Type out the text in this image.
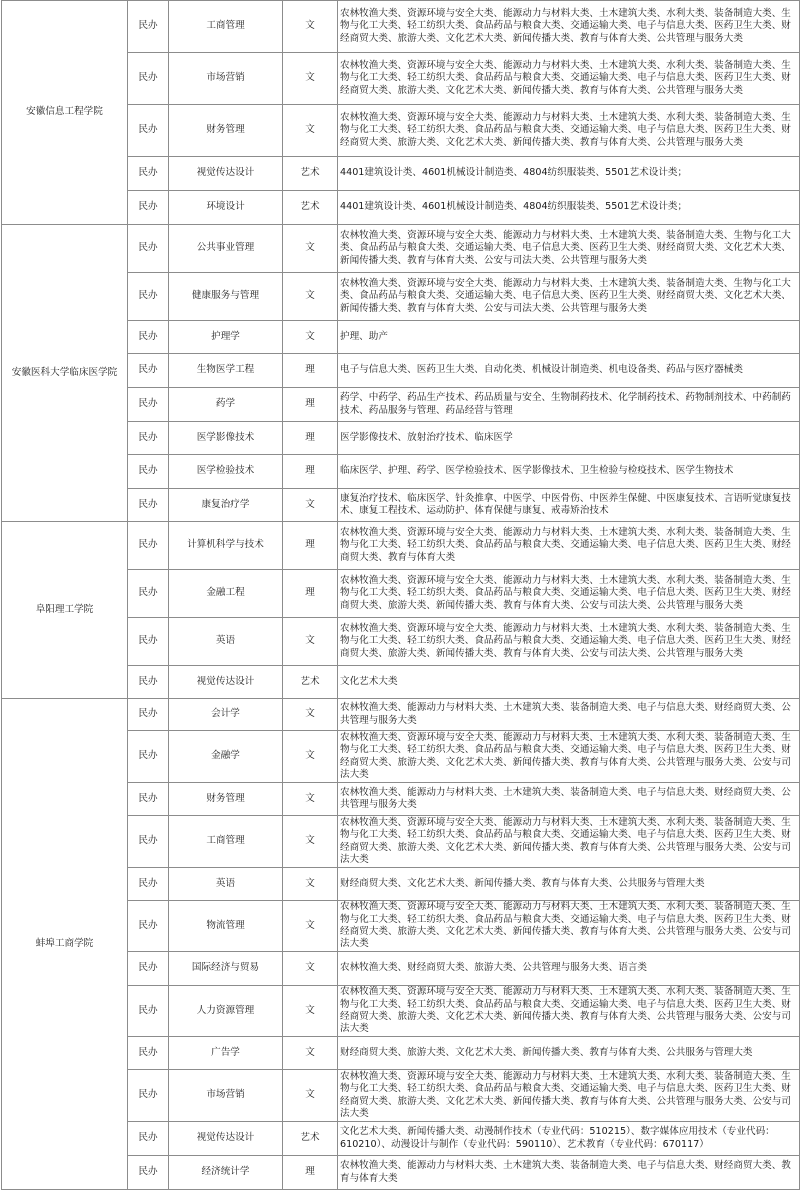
安徽信息工程学院	民办	工商管理	文	农林牧渔大类、资源环境与安全大类、能源动力与材料大类、土木建筑大类、水利大类、装备制造大类、生物与化工大类、轻工纺织大类、食品药品与粮食大类、交通运输大类、电子与信息大类、医药卫生大类、财经商贸大类、旅游大类、文化艺术大类、新闻传播大类、教育与体育大类、公共管理与服务大类
	民办	市场营销	文	农林牧渔大类、资源环境与安全大类、能源动力与材料大类、土木建筑大类、水利大类、装备制造大类、生物与化工大类、轻工纺织大类、食品药品与粮食大类、交通运输大类、电子与信息大类、医药卫生大类、财经商贸大类、旅游大类、文化艺术大类、新闻传播大类、教育与体育大类、公共管理与服务大类
	民办	财务管理	文	农林牧渔大类、资源环境与安全大类、能源动力与材料大类、土木建筑大类、水利大类、装备制造大类、生物与化工大类、轻工纺织大类、食品药品与粮食大类、交通运输大类、电子与信息大类、医药卫生大类、财经商贸大类、旅游大类、文化艺术大类、新闻传播大类、教育与体育大类、公共管理与服务大类
	民办	视觉传达设计	艺术	4401建筑设计类、4601机械设计制造类、4804纺织服装类、5501艺术设计类；
	民办	环境设计	艺术	4401建筑设计类、4601机械设计制造类、4804纺织服装类、5501艺术设计类；
安徽医科大学临床医学院	民办	公共事业管理	文	农林牧渔大类、资源环境与安全大类、能源动力与材料大类、土木建筑大类、装备制造大类、生物与化工大类、食品药品与粮食大类、交通运输大类、电子信息大类、医药卫生大类、财经商贸大类、文化艺术大类、新闻传播大类、教育与体育大类、公安与司法大类、公共管理与服务大类
	民办	健康服务与管理	文	农林牧渔大类、资源环境与安全大类、能源动力与材料大类、土木建筑大类、装备制造大类、生物与化工大类、食品药品与粮食大类、交通运输大类、电子信息大类、医药卫生大类、财经商贸大类、文化艺术大类、新闻传播大类、教育与体育大类、公安与司法大类、公共管理与服务大类
	民办	护理学	文	护理、助产
	民办	生物医学工程	理	电子与信息大类、医药卫生大类、自动化类、机械设计制造类、机电设备类、药品与医疗器械类
	民办	药学	理	药学、中药学、药品生产技术、药品质量与安全、生物制药技术、化学制药技术、药物制剂技术、中药制药技术、药品服务与管理、药品经营与管理
	民办	医学影像技术	理	医学影像技术、放射治疗技术、临床医学
	民办	医学检验技术	理	临床医学、护理、药学、医学检验技术、医学影像技术、卫生检验与检疫技术、医学生物技术
	民办	康复治疗学	文	康复治疗技术、临床医学、针灸推拿、中医学、中医骨伤、中医养生保健、中医康复技术、言语听觉康复技术、康复工程技术、运动防护、体育保健与康复、戒毒矫治技术
阜阳理工学院	民办	计算机科学与技术	理	农林牧渔大类、资源环境与安全大类、能源动力与材料大类、土木建筑大类、水利大类、装备制造大类、生物与化工大类、轻工纺织大类、食品药品与粮食大类、交通运输大类、电子信息大类、医药卫生大类、财经商贸大类、教育与体育大类
	民办	金融工程	理	农林牧渔大类、资源环境与安全大类、能源动力与材料大类、土木建筑大类、水利大类、装备制造大类、生物与化工大类、轻工纺织大类、食品药品与粮食大类、交通运输大类、电子信息大类、医药卫生大类、财经商贸大类、旅游大类、新闻传播大类、教育与体育大类、公安与司法大类、公共管理与服务大类
	民办	英语	文	农林牧渔大类、资源环境与安全大类、能源动力与材料大类、土木建筑大类、水利大类、装备制造大类、生物与化工大类、轻工纺织大类、食品药品与粮食大类、交通运输大类、电子信息大类、医药卫生大类、财经商贸大类、旅游大类、新闻传播大类、教育与体育大类、公安与司法大类、公共管理与服务大类
	民办	视觉传达设计	艺术	文化艺术大类
蚌埠工商学院	民办	会计学	文	农林牧渔大类、能源动力与材料大类、土木建筑大类、装备制造大类、电子与信息大类、财经商贸大类、公共管理与服务大类
	民办	金融学	文	农林牧渔大类、资源环境与安全大类、能源动力与材料大类、土木建筑大类、水利大类、装备制造大类、生物与化工大类、轻工纺织大类、食品药品与粮食大类、交通运输大类、电子与信息大类、医药卫生大类、财经商贸大类、旅游大类、文化艺术大类、新闻传播大类、教育与体育大类、公共管理与服务大类、公安与司法大类
	民办	财务管理	文	农林牧渔大类、能源动力与材料大类、土木建筑大类、装备制造大类、电子与信息大类、财经商贸大类、公共管理与服务大类
	民办	工商管理	文	农林牧渔大类、资源环境与安全大类、能源动力与材料大类、土木建筑大类、水利大类、装备制造大类、生物与化工大类、轻工纺织大类、食品药品与粮食大类、交通运输大类、电子与信息大类、医药卫生大类、财经商贸大类、旅游大类、文化艺术大类、新闻传播大类、教育与体育大类、公共管理与服务大类、公安与司法大类
	民办	英语	文	财经商贸大类、文化艺术大类、新闻传播大类、教育与体育大类、公共服务与管理大类
	民办	物流管理	文	农林牧渔大类、资源环境与安全大类、能源动力与材料大类、土木建筑大类、水利大类、装备制造大类、生物与化工大类、轻工纺织大类、食品药品与粮食大类、交通运输大类、电子与信息大类、医药卫生大类、财经商贸大类、旅游大类、文化艺术大类、新闻传播大类、教育与体育大类、公共管理与服务大类、公安与司法大类
	民办	国际经济与贸易	文	农林牧渔大类、财经商贸大类、旅游大类、公共管理与服务大类、语言类
	民办	人力资源管理	文	农林牧渔大类、资源环境与安全大类、能源动力与材料大类、土木建筑大类、水利大类、装备制造大类、生物与化工大类、轻工纺织大类、食品药品与粮食大类、交通运输大类、电子与信息大类、医药卫生大类、财经商贸大类、旅游大类、文化艺术大类、新闻传播大类、教育与体育大类、公共管理与服务大类、公安与司法大类
	民办	广告学	文	财经商贸大类、旅游大类、文化艺术大类、新闻传播大类、教育与体育大类、公共服务与管理大类
	民办	市场营销	文	农林牧渔大类、资源环境与安全大类、能源动力与材料大类、土木建筑大类、水利大类、装备制造大类、生物与化工大类、轻工纺织大类、食品药品与粮食大类、交通运输大类、电子与信息大类、医药卫生大类、财经商贸大类、旅游大类、文化艺术大类、新闻传播大类、教育与体育大类、公共管理与服务大类、公安与司法大类
	民办	视觉传达设计	艺术	文化艺术大类、新闻传播大类、动漫制作技术（专业代码：510215）、数字媒体应用技术（专业代码：610210）、动漫设计与制作（专业代码：590110）、艺术教育（专业代码：670117）
	民办	经济统计学	理	农林牧渔大类、能源动力与材料大类、土木建筑大类、装备制造大类、电子与信息大类、财经商贸大类、教育与体育大类
